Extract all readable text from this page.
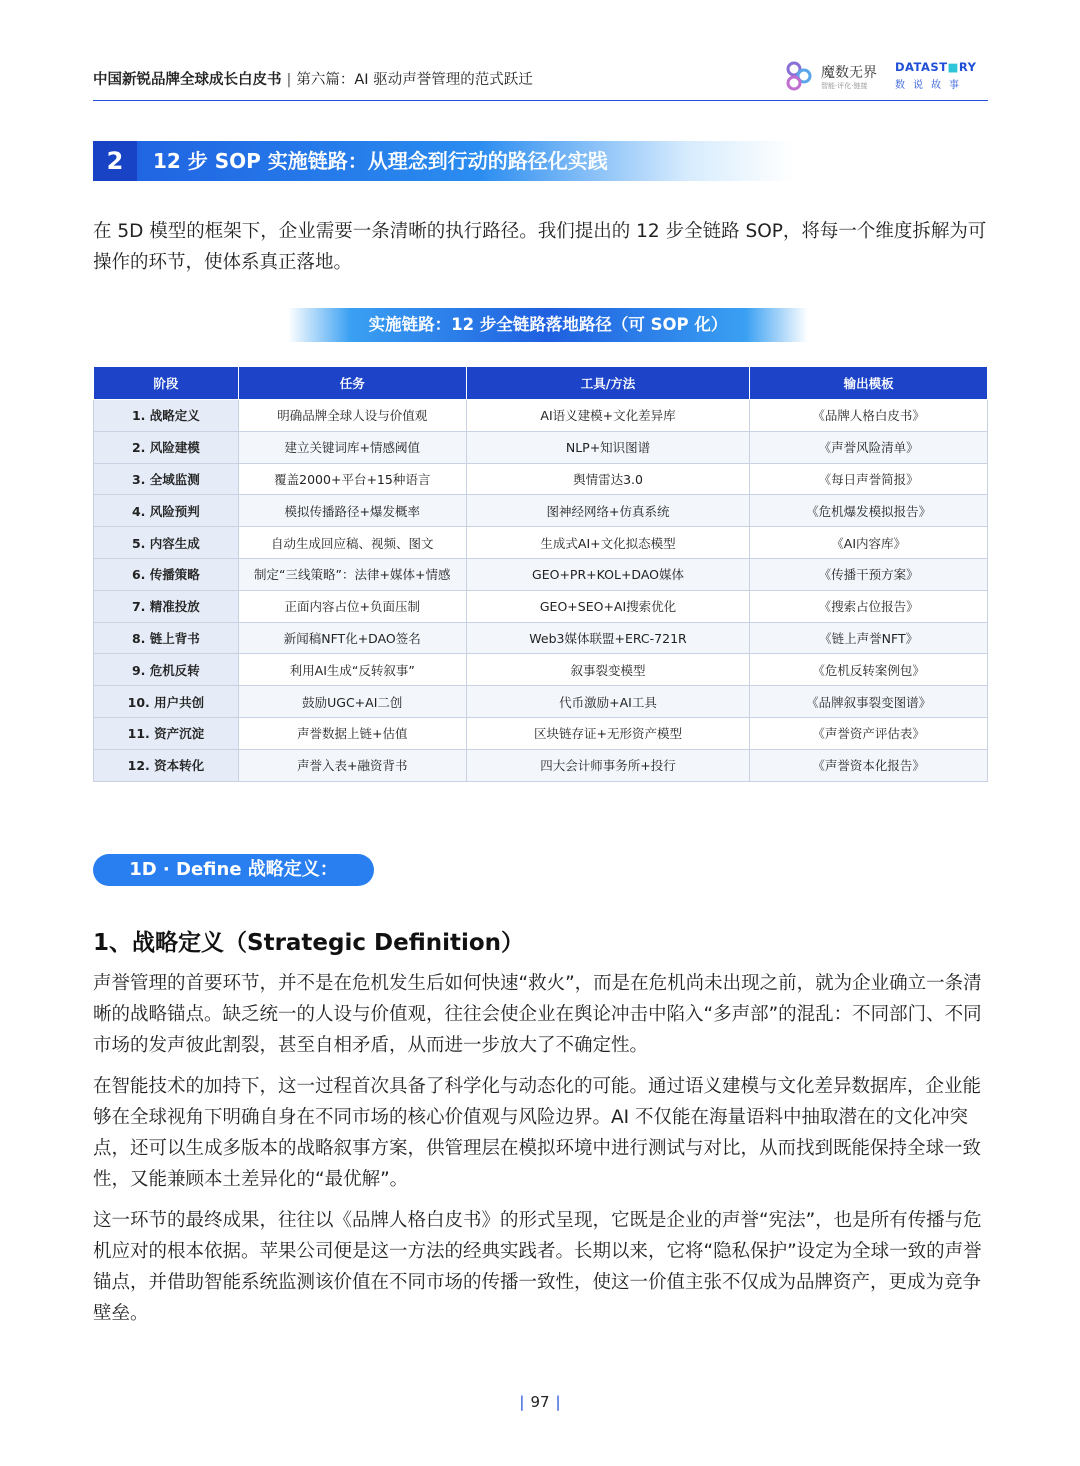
中国新锐品牌全球成长白皮书 | 第六篇：AI 驱动声誉管理的范式跃迁	魔数无界
智能·评化·链接
DATAST■RY
数说故事
2	12 步 SOP 实施链路：从理念到行动的路径化实践
在 5D 模型的框架下，企业需要一条清晰的执行路径。我们提出的 12 步全链路 SOP，将每一个维度拆解为可操作的环节，使体系真正落地。
实施链路：12 步全链路落地路径（可 SOP 化）
阶段	任务	工具/方法	输出模板
1. 战略定义	明确品牌全球人设与价值观	AI语义建模+文化差异库	《品牌人格白皮书》
2. 风险建模	建立关键词库+情感阈值	NLP+知识图谱	《声誉风险清单》
3. 全域监测	覆盖2000+平台+15种语言	舆情雷达3.0	《每日声誉简报》
4. 风险预判	模拟传播路径+爆发概率	图神经网络+仿真系统	《危机爆发模拟报告》
5. 内容生成	自动生成回应稿、视频、图文	生成式AI+文化拟态模型	《AI内容库》
6. 传播策略	制定“三线策略”：法律+媒体+情感	GEO+PR+KOL+DAO媒体	《传播干预方案》
7. 精准投放	正面内容占位+负面压制	GEO+SEO+AI搜索优化	《搜索占位报告》
8. 链上背书	新闻稿NFT化+DAO签名	Web3媒体联盟+ERC-721R	《链上声誉NFT》
9. 危机反转	利用AI生成“反转叙事”	叙事裂变模型	《危机反转案例包》
10. 用户共创	鼓励UGC+AI二创	代币激励+AI工具	《品牌叙事裂变图谱》
11. 资产沉淀	声誉数据上链+估值	区块链存证+无形资产模型	《声誉资产评估表》
12. 资本转化	声誉入表+融资背书	四大会计师事务所+投行	《声誉资本化报告》
1D · Define 战略定义：
1、战略定义（Strategic Definition）

声誉管理的首要环节，并不是在危机发生后如何快速“救火”，而是在危机尚未出现之前，就为企业确立一条清晰的战略锚点。缺乏统一的人设与价值观，往往会使企业在舆论冲击中陷入“多声部”的混乱：不同部门、不同市场的发声彼此割裂，甚至自相矛盾，从而进一步放大了不确定性。

在智能技术的加持下，这一过程首次具备了科学化与动态化的可能。通过语义建模与文化差异数据库，企业能够在全球视角下明确自身在不同市场的核心价值观与风险边界。AI 不仅能在海量语料中抽取潜在的文化冲突点，还可以生成多版本的战略叙事方案，供管理层在模拟环境中进行测试与对比，从而找到既能保持全球一致性，又能兼顾本土差异化的“最优解”。

这一环节的最终成果，往往以《品牌人格白皮书》的形式呈现，它既是企业的声誉“宪法”，也是所有传播与危机应对的根本依据。苹果公司便是这一方法的经典实践者。长期以来，它将“隐私保护”设定为全球一致的声誉锚点，并借助智能系统监测该价值在不同市场的传播一致性，使这一价值主张不仅成为品牌资产，更成为竞争壁垒。

| 97 |
